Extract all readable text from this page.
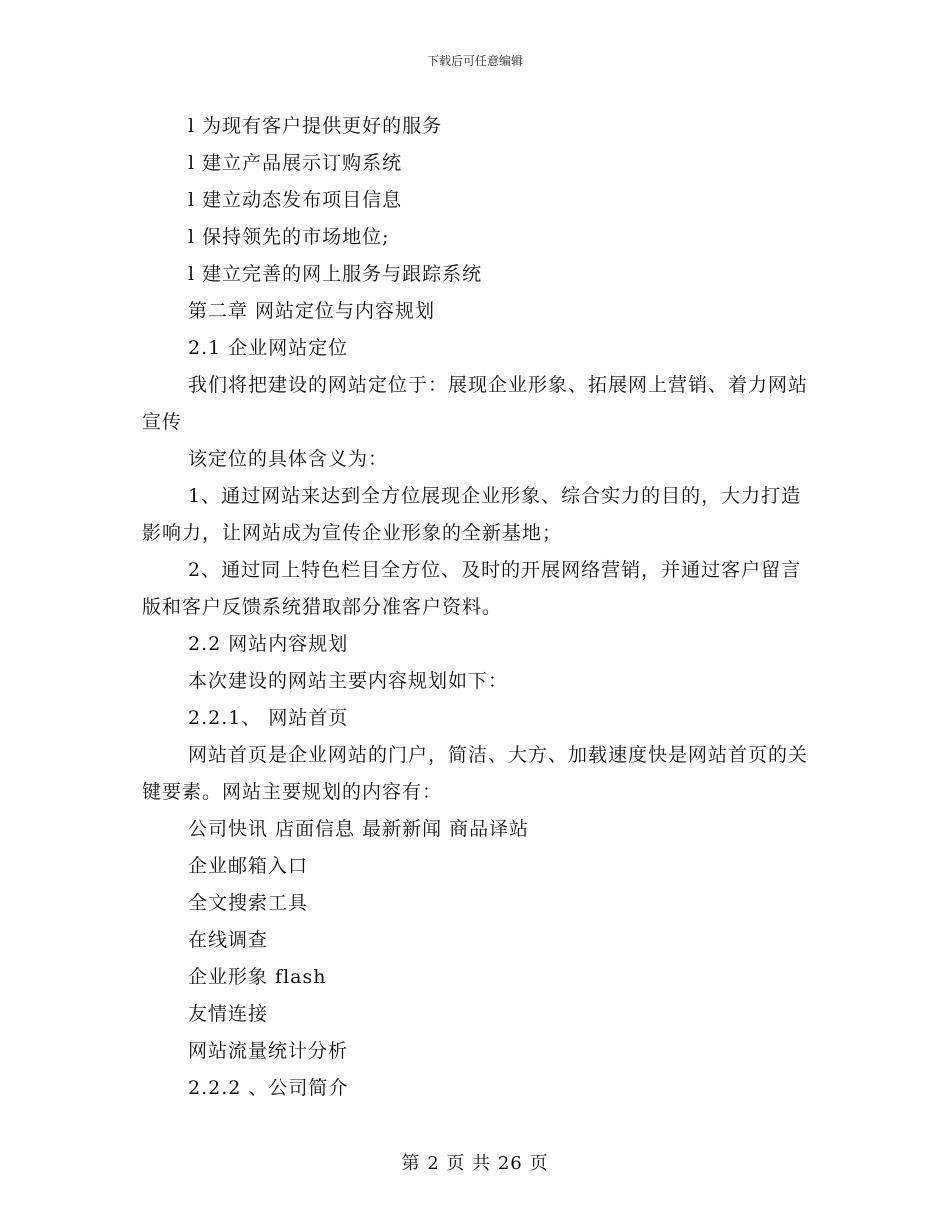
下载后可任意编辑

l 为现有客户提供更好的服务

l 建立产品展示订购系统

l 建立动态发布项目信息

l 保持领先的市场地位;

l 建立完善的网上服务与跟踪系统

第二章 网站定位与内容规划

2.1 企业网站定位

我们将把建设的网站定位于：展现企业形象、拓展网上营销、着力网站宣传

该定位的具体含义为：

1、通过网站来达到全方位展现企业形象、综合实力的目的，大力打造影响力，让网站成为宣传企业形象的全新基地；

2、通过同上特色栏目全方位、及时的开展网络营销，并通过客户留言版和客户反馈系统猎取部分准客户资料。

2.2 网站内容规划

本次建设的网站主要内容规划如下：

2.2.1、 网站首页

网站首页是企业网站的门户，简洁、大方、加载速度快是网站首页的关键要素。网站主要规划的内容有：

公司快讯 店面信息 最新新闻 商品译站

企业邮箱入口

全文搜索工具

在线调查

企业形象 flash

友情连接

网站流量统计分析

2.2.2 、公司简介

第 2 页 共 26 页
